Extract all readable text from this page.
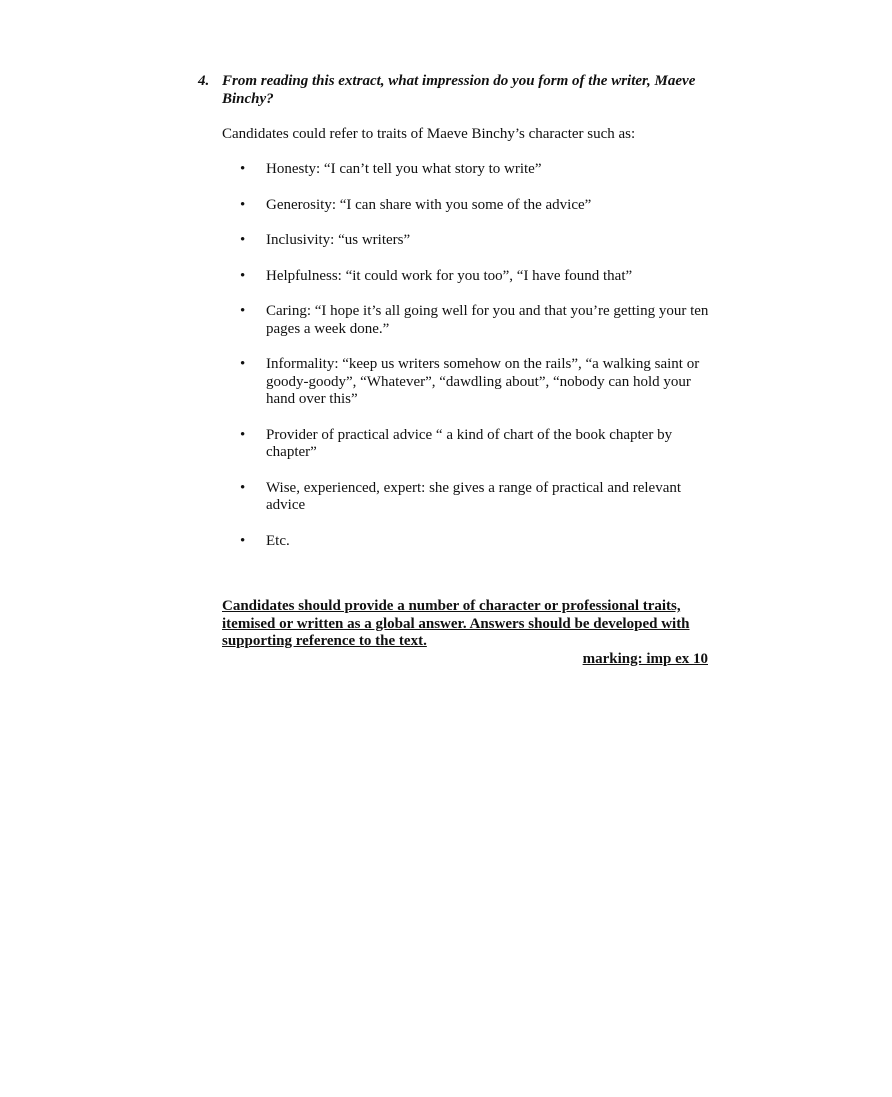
4. From reading this extract, what impression do you form of the writer, Maeve Binchy?
Candidates could refer to traits of Maeve Binchy’s character such as:
•	Honesty: “I can’t tell you what story to write”
•	Generosity: “I can share with you some of the advice”
•	Inclusivity: “us writers”
•	Helpfulness: “it could work for you too”, “I have found that”
•	Caring: “I hope it’s all going well for you and that you’re getting your ten pages a week done.”
•	Informality: “keep us writers somehow on the rails”, “a walking saint or goody-goody”, “Whatever”, “dawdling about”, “nobody can hold your hand over this”
•	Provider of practical advice “ a kind of chart of the book chapter by chapter”
•	Wise, experienced, expert: she gives a range of practical and relevant advice
•	Etc.
Candidates should provide a number of character or professional traits, itemised or written as a global answer. Answers should be developed with supporting reference to the text.
marking: imp ex 10
